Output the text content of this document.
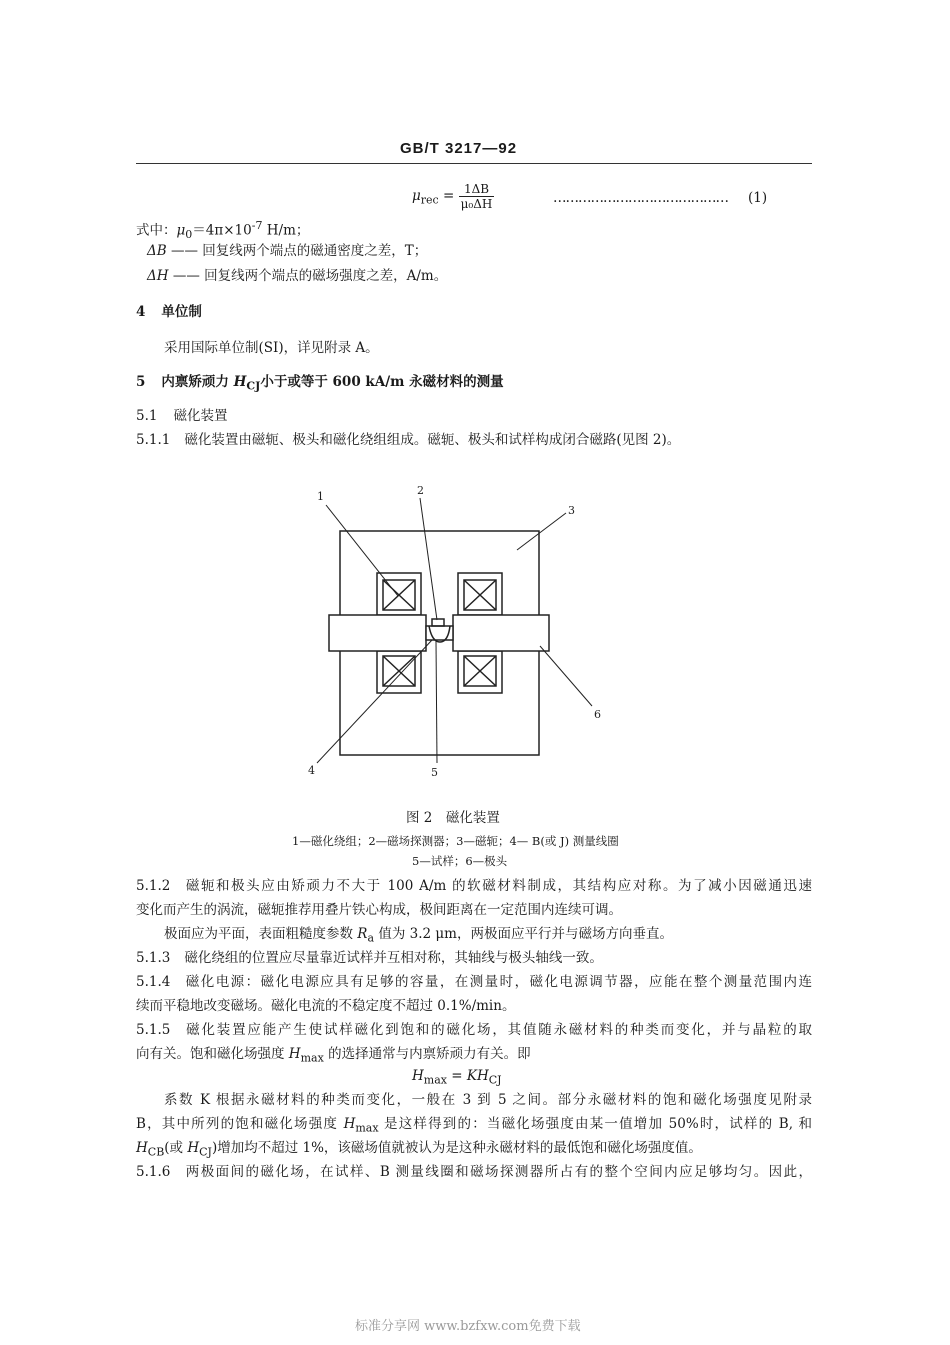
GB/T 3217—92
$\mu_{rec} = \frac{1\Delta B}{\text{μ₀ΔH}}$	…………………………………… (1)
式中：$\mu_0=4\pi\times 10^{-7}$ H/m；
ΔB —— 回复线两个端点的磁通密度之差，T；
ΔH —— 回复线两个端点的磁场强度之差，A/m。
4 单位制
采用国际单位制(SI)，详见附录 A。
5 内禀矫顽力 $H_{CJ}$小于或等于 600 kA/m 永磁材料的测量
5.1 磁化装置
5.1.1 磁化装置由磁轭、极头和磁化绕组组成。磁轭、极头和试样构成闭合磁路(见图 2)。
1	2
3
4	5
6
图 2　磁化装置
1—磁化绕组；2—磁场探测器；3—磁轭；4— B(或 J) 测量线圈
5—试样；6—极头
5.1.2 磁轭和极头应由矫顽力不大于 100 A/m 的软磁材料制成，其结构应对称。为了减小因磁通迅速
变化而产生的涡流，磁轭推荐用叠片铁心构成，极间距离在一定范围内连续可调。
极面应为平面，表面粗糙度参数 $R_a$ 值为 3.2 μm，两极面应平行并与磁场方向垂直。
5.1.3 磁化绕组的位置应尽量靠近试样并互相对称，其轴线与极头轴线一致。
5.1.4 磁化电源：磁化电源应具有足够的容量，在测量时，磁化电源调节器，应能在整个测量范围内连
续而平稳地改变磁场。磁化电流的不稳定度不超过 0.1%/min。
5.1.5 磁化装置应能产生使试样磁化到饱和的磁化场，其值随永磁材料的种类而变化，并与晶粒的取
向有关。饱和磁化场强度 $H_{max}$ 的选择通常与内禀矫顽力有关。即
$H_{max} = KH_{CJ}$
系数 K 根据永磁材料的种类而变化，一般在 3 到 5 之间。部分永磁材料的饱和磁化场强度见附录
B，其中所列的饱和磁化场强度 $H_{max}$ 是这样得到的：当磁化场强度由某一值增加 50%时，试样的 B, 和
$H_{CB}$(或 $H_{CJ}$)增加均不超过 1%，该磁场值就被认为是这种永磁材料的最低饱和磁化场强度值。
5.1.6 两极面间的磁化场，在试样、B 测量线圈和磁场探测器所占有的整个空间内应足够均匀。因此，
标准分享网 www.bzfxw.com免费下载
